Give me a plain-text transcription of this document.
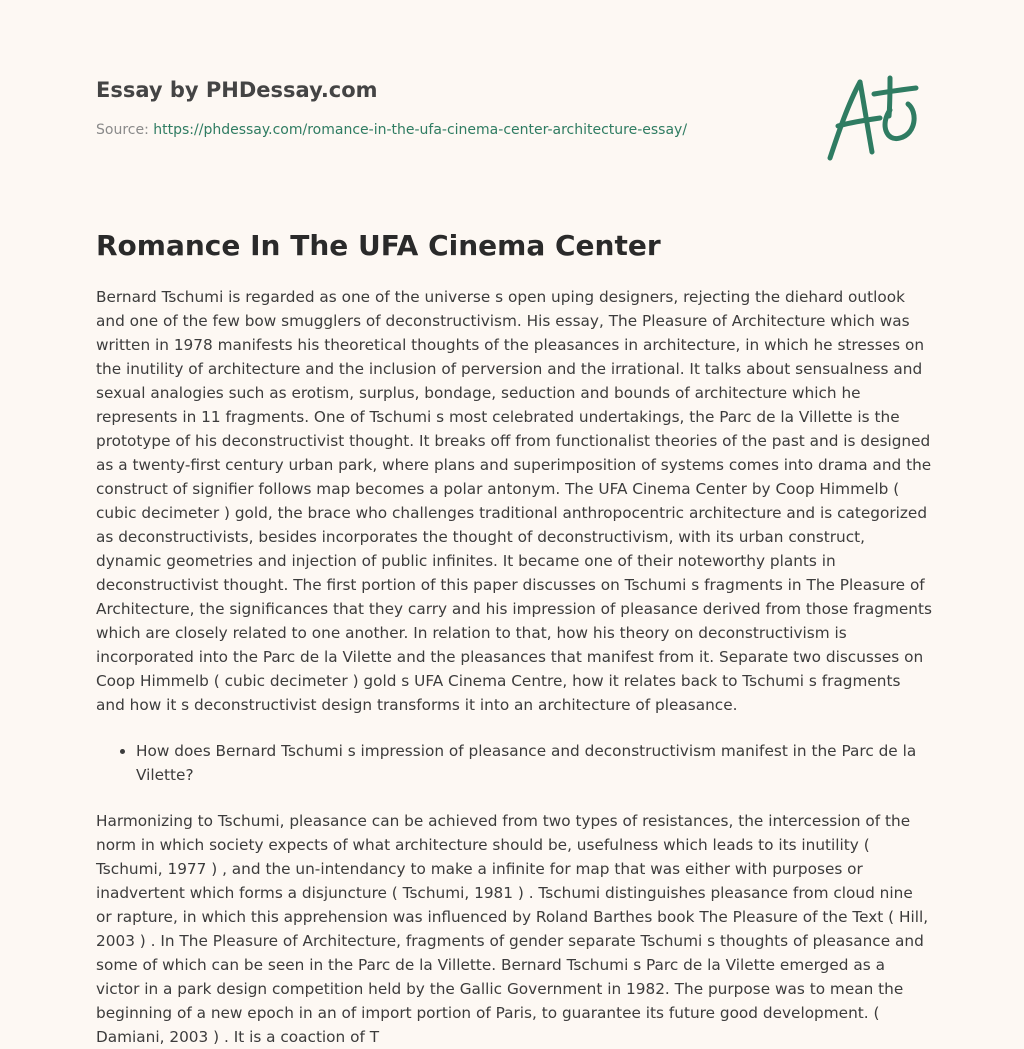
Essay by PHDessay.com
Source: https://phdessay.com/romance-in-the-ufa-cinema-center-architecture-essay/
Romance In The UFA Cinema Center

Bernard Tschumi is regarded as one of the universe s open uping designers, rejecting the diehard outlook and one of the few bow smugglers of deconstructivism. His essay, The Pleasure of Architecture which was written in 1978 manifests his theoretical thoughts of the pleasances in architecture, in which he stresses on the inutility of architecture and the inclusion of perversion and the irrational. It talks about sensualness and sexual analogies such as erotism, surplus, bondage, seduction and bounds of architecture which he represents in 11 fragments. One of Tschumi s most celebrated undertakings, the Parc de la Villette is the prototype of his deconstructivist thought. It breaks off from functionalist theories of the past and is designed as a twenty-first century urban park, where plans and superimposition of systems comes into drama and the construct of signifier follows map becomes a polar antonym. The UFA Cinema Center by Coop Himmelb ( cubic decimeter ) gold, the brace who challenges traditional anthropocentric architecture and is categorized as deconstructivists, besides incorporates the thought of deconstructivism, with its urban construct, dynamic geometries and injection of public infinites. It became one of their noteworthy plants in deconstructivist thought. The first portion of this paper discusses on Tschumi s fragments in The Pleasure of Architecture, the significances that they carry and his impression of pleasance derived from those fragments which are closely related to one another. In relation to that, how his theory on deconstructivism is incorporated into the Parc de la Vilette and the pleasances that manifest from it. Separate two discusses on Coop Himmelb ( cubic decimeter ) gold s UFA Cinema Centre, how it relates back to Tschumi s fragments and how it s deconstructivist design transforms it into an architecture of pleasance.

• How does Bernard Tschumi s impression of pleasance and deconstructivism manifest in the Parc de la Vilette?

Harmonizing to Tschumi, pleasance can be achieved from two types of resistances, the intercession of the norm in which society expects of what architecture should be, usefulness which leads to its inutility ( Tschumi, 1977 ) , and the un-intendancy to make a infinite for map that was either with purposes or inadvertent which forms a disjuncture ( Tschumi, 1981 ) . Tschumi distinguishes pleasance from cloud nine or rapture, in which this apprehension was influenced by Roland Barthes book The Pleasure of the Text ( Hill, 2003 ) . In The Pleasure of Architecture, fragments of gender separate Tschumi s thoughts of pleasance and some of which can be seen in the Parc de la Villette. Bernard Tschumi s Parc de la Vilette emerged as a victor in a park design competition held by the Gallic Government in 1982. The purpose was to mean the beginning of a new epoch in an of import portion of Paris, to guarantee its future good development. ( Damiani, 2003 ) . It is a coaction of T
